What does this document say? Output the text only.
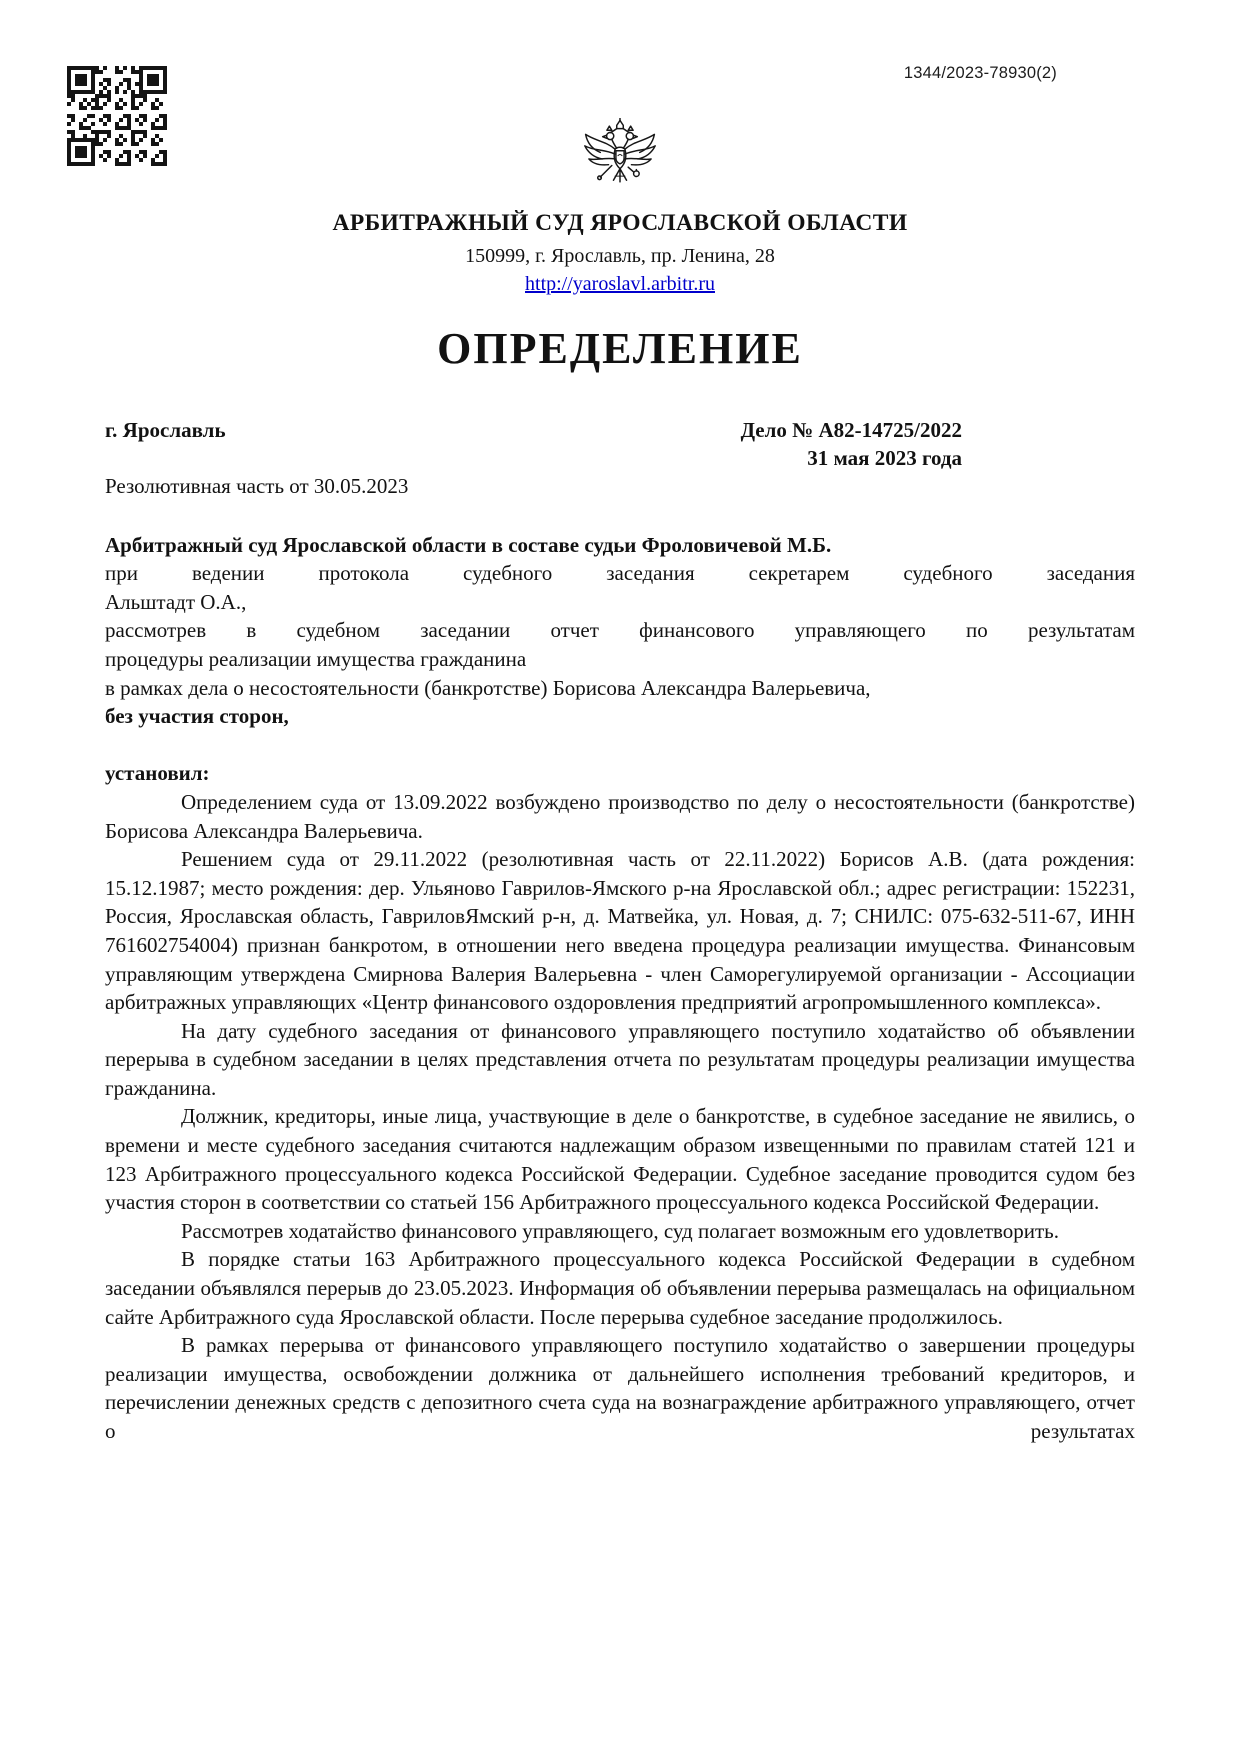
1344/2023-78930(2)
АРБИТРАЖНЫЙ СУД ЯРОСЛАВСКОЙ ОБЛАСТИ
150999, г. Ярославль, пр. Ленина, 28
http://yaroslavl.arbitr.ru
ОПРЕДЕЛЕНИЕ
г. Ярославль	Дело № А82-14725/2022
31 мая 2023 года
Резолютивная часть от 30.05.2023

Арбитражный суд Ярославской области в составе судьи Фроловичевой М.Б.

при ведении протокола судебного заседания секретарем судебного заседания

Альштадт О.А.,

рассмотрев в судебном заседании отчет финансового управляющего по результатам

процедуры реализации имущества гражданина

в рамках дела о несостоятельности (банкротстве) Борисова Александра Валерьевича,

без участия сторон,

установил:

Определением суда от 13.09.2022 возбуждено производство по делу о несостоятельности (банкротстве) Борисова Александра Валерьевича.

Решением суда от 29.11.2022 (резолютивная часть от 22.11.2022) Борисов А.В. (дата рождения: 15.12.1987; место рождения: дер. Ульяново Гаврилов-Ямского р-на Ярославской обл.; адрес регистрации: 152231, Россия, Ярославская область, ГавриловЯмский р-н, д. Матвейка, ул. Новая, д. 7; СНИЛС: 075-632-511-67, ИНН 761602754004) признан банкротом, в отношении него введена процедура реализации имущества. Финансовым управляющим утверждена Смирнова Валерия Валерьевна - член Саморегулируемой организации - Ассоциации арбитражных управляющих «Центр финансового оздоровления предприятий агропромышленного комплекса».

На дату судебного заседания от финансового управляющего поступило ходатайство об объявлении перерыва в судебном заседании в целях представления отчета по результатам процедуры реализации имущества гражданина.

Должник, кредиторы, иные лица, участвующие в деле о банкротстве, в судебное заседание не явились, о времени и месте судебного заседания считаются надлежащим образом извещенными по правилам статей 121 и 123 Арбитражного процессуального кодекса Российской Федерации. Судебное заседание проводится судом без участия сторон в соответствии со статьей 156 Арбитражного процессуального кодекса Российской Федерации.

Рассмотрев ходатайство финансового управляющего, суд полагает возможным его удовлетворить.

В порядке статьи 163 Арбитражного процессуального кодекса Российской Федерации в судебном заседании объявлялся перерыв до 23.05.2023. Информация об объявлении перерыва размещалась на официальном сайте Арбитражного суда Ярославской области. После перерыва судебное заседание продолжилось.

В рамках перерыва от финансового управляющего поступило ходатайство о завершении процедуры реализации имущества, освобождении должника от дальнейшего исполнения требований кредиторов, и перечислении денежных средств с депозитного счета суда на вознаграждение арбитражного управляющего, отчет о результатах
